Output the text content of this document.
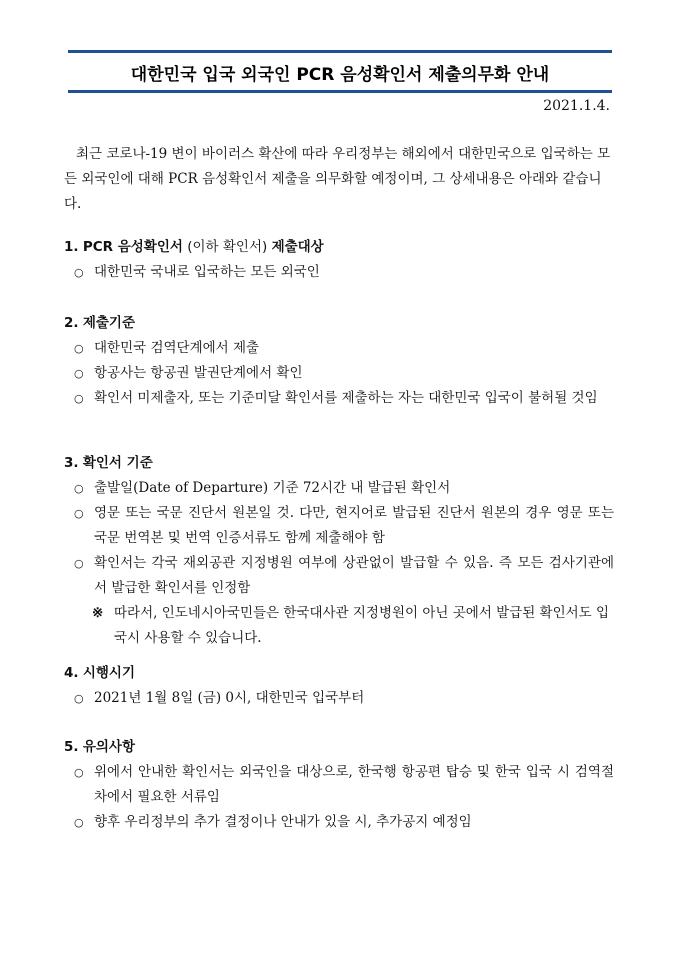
대한민국 입국 외국인 PCR 음성확인서 제출의무화 안내
2021.1.4.
최근 코로나-19 변이 바이러스 확산에 따라 우리정부는 해외에서 대한민국으로 입국하는 모든 외국인에 대해 PCR 음성확인서 제출을 의무화할 예정이며, 그 상세내용은 아래와 같습니다.
1. PCR 음성확인서 (이하 확인서) 제출대상
○ 대한민국 국내로 입국하는 모든 외국인
2. 제출기준
○ 대한민국 검역단계에서 제출
○ 항공사는 항공권 발권단계에서 확인
○ 확인서 미제출자, 또는 기준미달 확인서를 제출하는 자는 대한민국 입국이 불허될 것임
3. 확인서 기준
○ 출발일(Date of Departure) 기준 72시간 내 발급된 확인서
○ 영문 또는 국문 진단서 원본일 것. 다만, 현지어로 발급된 진단서 원본의 경우 영문 또는 국문 번역본 및 번역 인증서류도 함께 제출해야 함
○ 확인서는 각국 재외공관 지정병원 여부에 상관없이 발급할 수 있음. 즉 모든 검사기관에서 발급한 확인서를 인정함
※ 따라서, 인도네시아국민들은 한국대사관 지정병원이 아닌 곳에서 발급된 확인서도 입국시 사용할 수 있습니다.
4. 시행시기
○ 2021년 1월 8일 (금) 0시, 대한민국 입국부터
5. 유의사항
○ 위에서 안내한 확인서는 외국인을 대상으로, 한국행 항공편 탑승 및 한국 입국 시 검역절차에서 필요한 서류임
○ 향후 우리정부의 추가 결정이나 안내가 있을 시, 추가공지 예정임
